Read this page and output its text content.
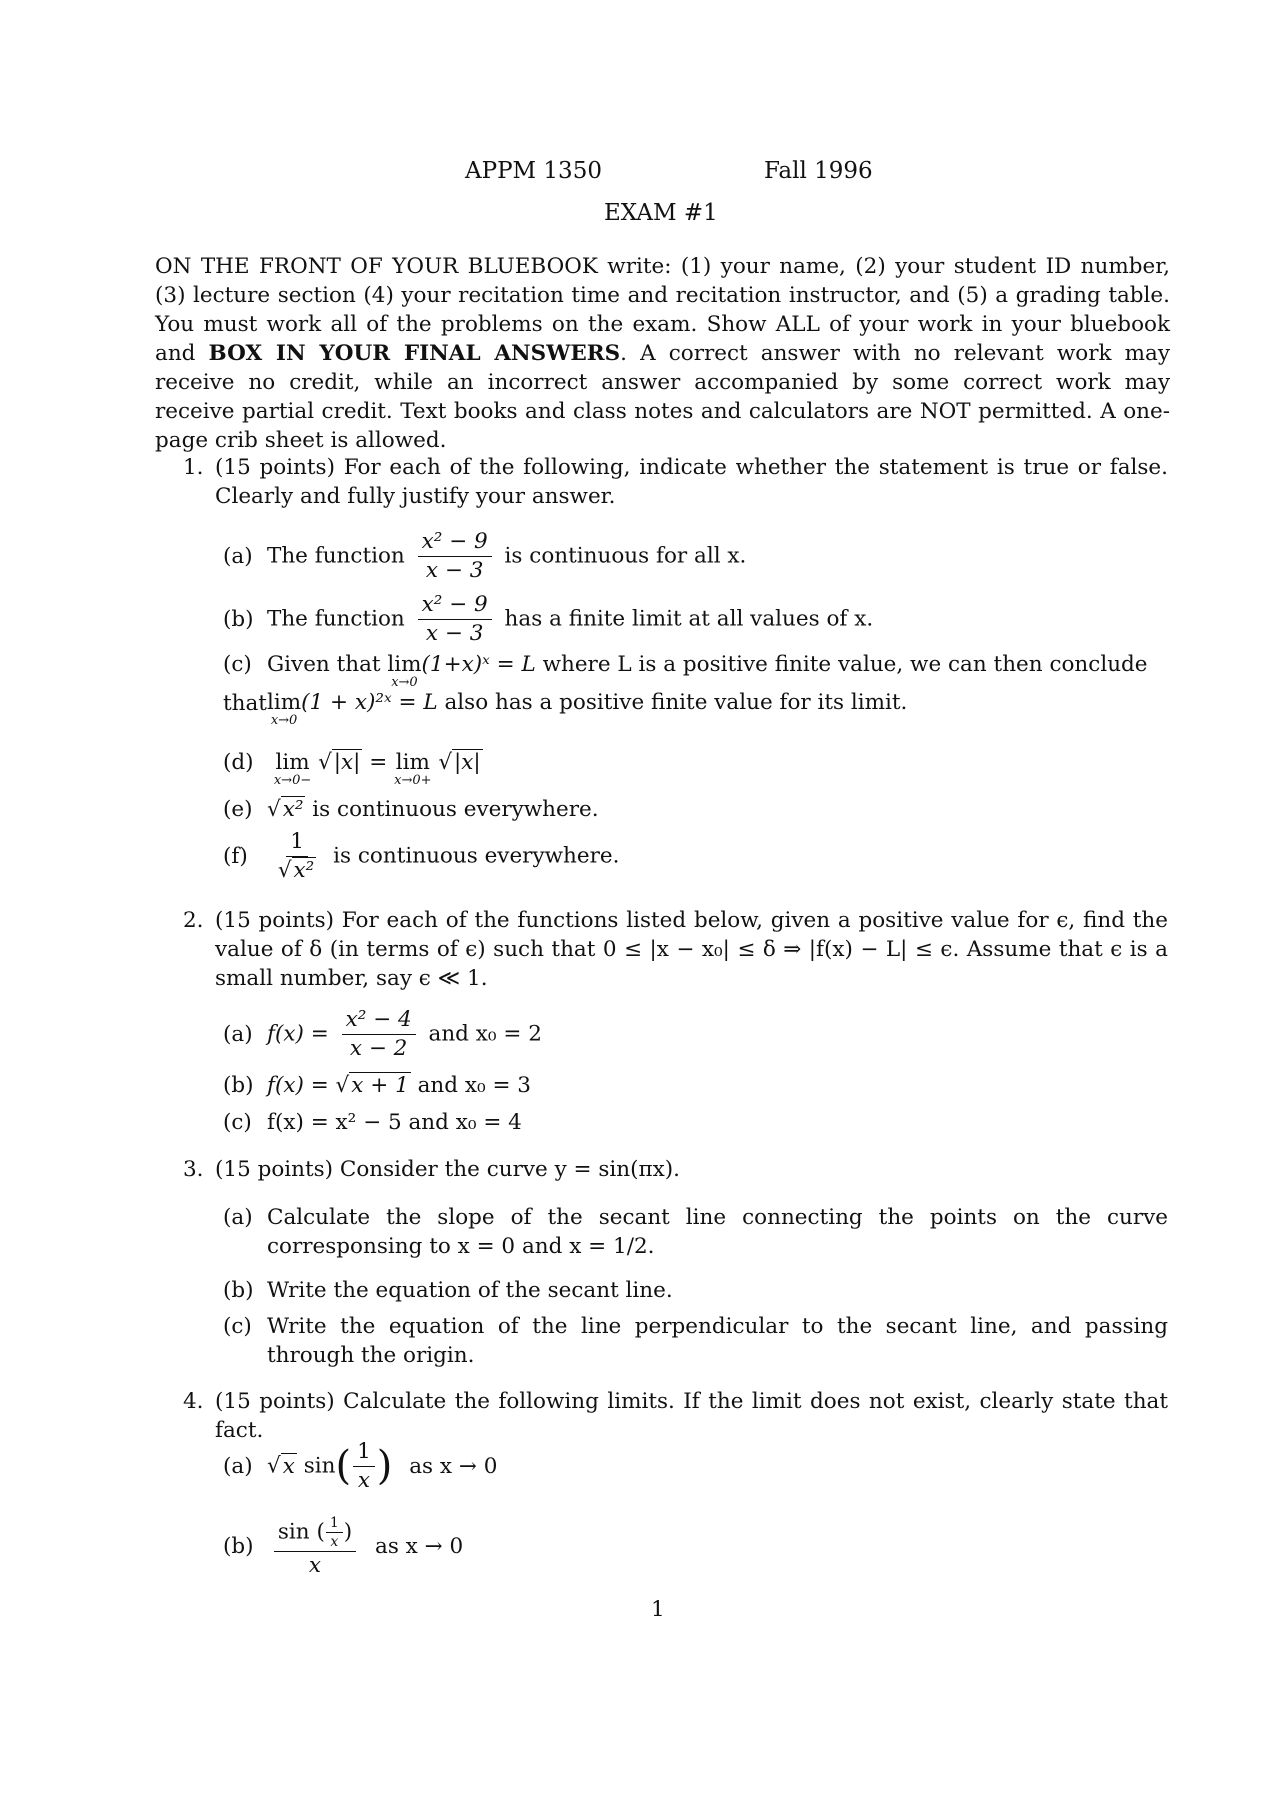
APPM 1350	Fall 1996
EXAM #1
ON THE FRONT OF YOUR BLUEBOOK write: (1) your name, (2) your student ID number, (3) lecture section (4) your recitation time and recitation instructor, and (5) a grading table. You must work all of the problems on the exam. Show ALL of your work in your bluebook and BOX IN YOUR FINAL ANSWERS. A correct answer with no relevant work may receive no credit, while an incorrect answer accompanied by some correct work may receive partial credit. Text books and class notes and calculators are NOT permitted. A one-page crib sheet is allowed.
1. (15 points) For each of the following, indicate whether the statement is true or false. Clearly and fully justify your answer.
(a) The function $\frac{\text{x² − 9}}{x - 3}$ is continuous for all x.
(b) The function $\frac{\text{x² − 9}}{x - 3}$ has a finite limit at all values of x.
(c) Given that lim
x→0
(1+x)ˣ = L where L is a positive finite value, we can then conclude that lim
x→0
(1 + x)²ˣ = L also has a positive finite value for its limit.
(d) lim
x→0−
√|x| = lim
x→0+
√|x|
(e) √x² is continuous everywhere.
$(f) \frac{1}{\text{√x²}}$ is continuous everywhere.
2. (15 points) For each of the functions listed below, given a positive value for ϵ, find the value of δ (in terms of ϵ) such that 0 ≤ |x − x₀| ≤ δ ⇒ |f(x) − L| ≤ ϵ. Assume that ϵ is a small number, say ϵ ≪ 1.
(a) $f(x) = \frac{\text{x² − 4}}{x - 2}$ and x₀ = 2
(b) f(x) = √x + 1 and x₀ = 3
(c) f(x) = x² − 5 and x₀ = 4
3. (15 points) Consider the curve y = sin(πx).
(a) Calculate the slope of the secant line connecting the points on the curve corresponsing to x = 0 and x = 1/2.
(b) Write the equation of the secant line.
(c) Write the equation of the line perpendicular to the secant line, and passing through the origin.
4. (15 points) Calculate the following limits. If the limit does not exist, clearly state that fact.
(a) √x $\sin( \frac{1}{x}$ ) as x → 0
$(b) \frac{\sin ( \frac{1}{x} )}{x}$ as x → 0
1
